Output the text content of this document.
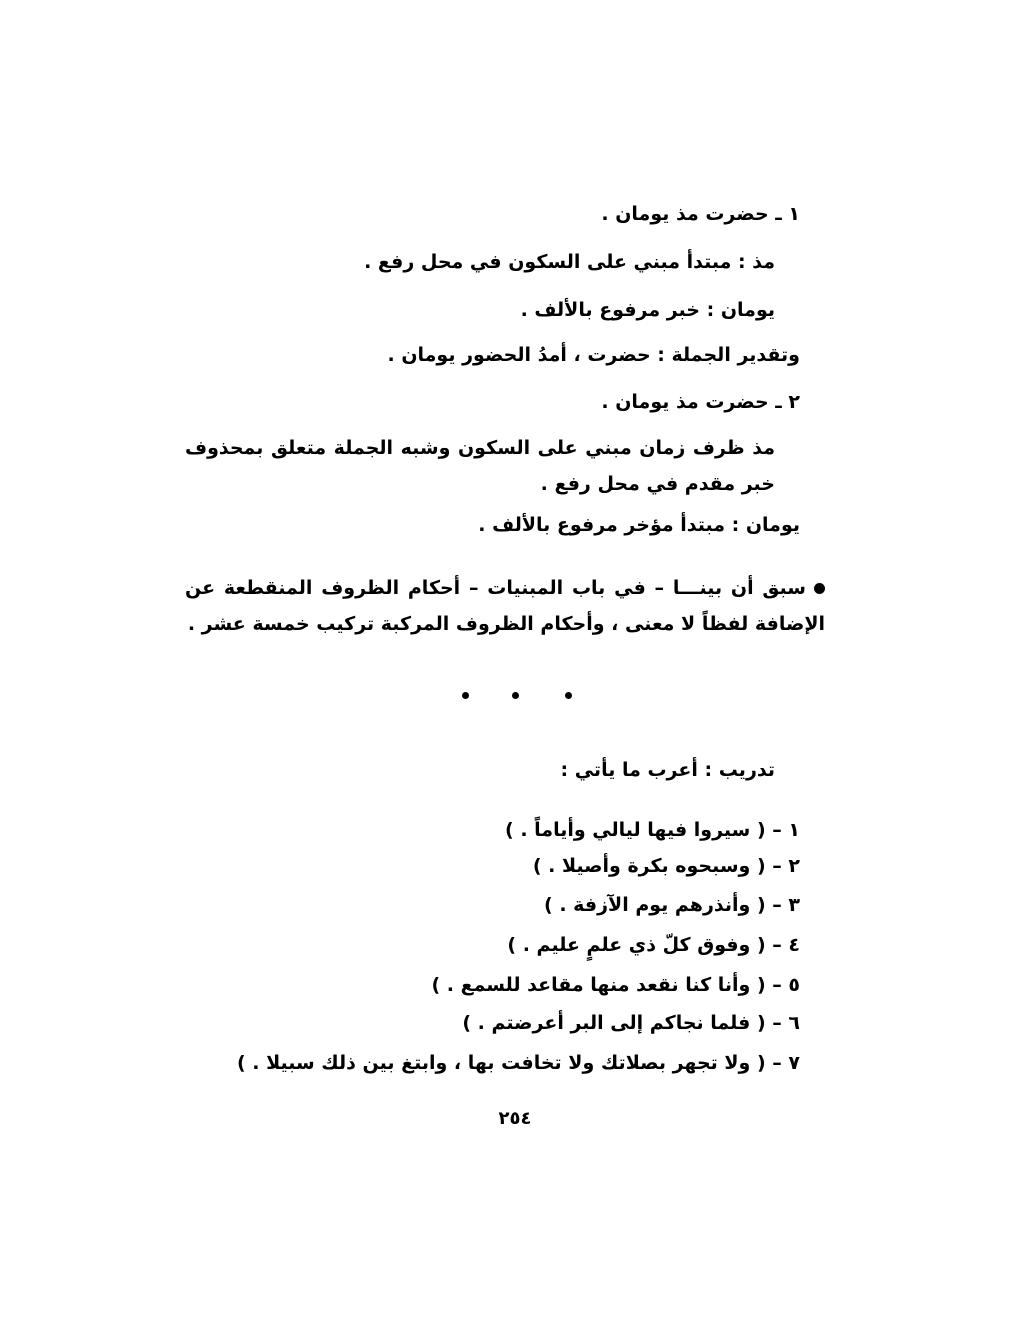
١ ـ حضرت مذ يومان .
مذ : مبتدأ مبني على السكون في محل رفع .
يومان : خبر مرفوع بالألف .
وتقدير الجملة : حضرت ، أمدُ الحضور يومان .
٢ ـ حضرت مذ يومان .
مذ ظرف زمان مبني على السكون وشبه الجملة متعلق بمحذوف خبر مقدم في محل رفع .
يومان : مبتدأ مؤخر مرفوع بالألف .
سبق أن بينـــا – في باب المبنيات – أحكام الظروف المنقطعة عن الإضافة لفظاً لا معنى ، وأحكام الظروف المركبة تركيب خمسة عشر .
تدريب : أعرب ما يأتي :
١ – ( سيروا فيها ليالي وأياماً . )
٢ – ( وسبحوه بكرة وأصيلا . )
٣ – ( وأنذرهم يوم الآزفة . )
٤ – ( وفوق كلّ ذي علمٍ عليم . )
٥ – ( وأنا كنا نقعد منها مقاعد للسمع . )
٦ – ( فلما نجاكم إلى البر أعرضتم . )
٧ – ( ولا تجهر بصلاتك ولا تخافت بها ، وابتغ بين ذلك سبيلا . )
٢٥٤
